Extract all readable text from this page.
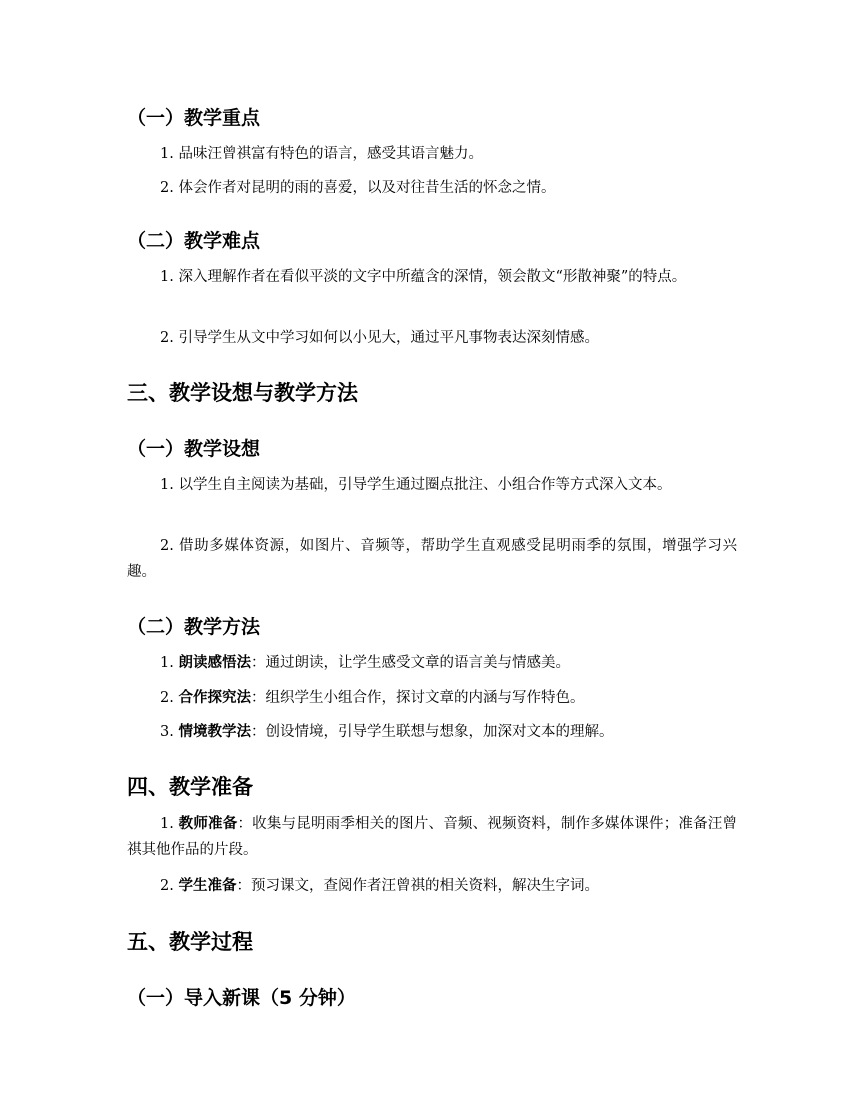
（一）教学重点
1. 品味汪曾祺富有特色的语言，感受其语言魅力。
2. 体会作者对昆明的雨的喜爱，以及对往昔生活的怀念之情。
（二）教学难点
1. 深入理解作者在看似平淡的文字中所蕴含的深情，领会散文“形散神聚”的特点。
2. 引导学生从文中学习如何以小见大，通过平凡事物表达深刻情感。
三、教学设想与教学方法
（一）教学设想
1. 以学生自主阅读为基础，引导学生通过圈点批注、小组合作等方式深入文本。
2. 借助多媒体资源，如图片、音频等，帮助学生直观感受昆明雨季的氛围，增强学习兴趣。
（二）教学方法
1. 朗读感悟法：通过朗读，让学生感受文章的语言美与情感美。
2. 合作探究法：组织学生小组合作，探讨文章的内涵与写作特色。
3. 情境教学法：创设情境，引导学生联想与想象，加深对文本的理解。
四、教学准备
1. 教师准备：收集与昆明雨季相关的图片、音频、视频资料，制作多媒体课件；准备汪曾祺其他作品的片段。
2. 学生准备：预习课文，查阅作者汪曾祺的相关资料，解决生字词。
五、教学过程
（一）导入新课（5 分钟）
